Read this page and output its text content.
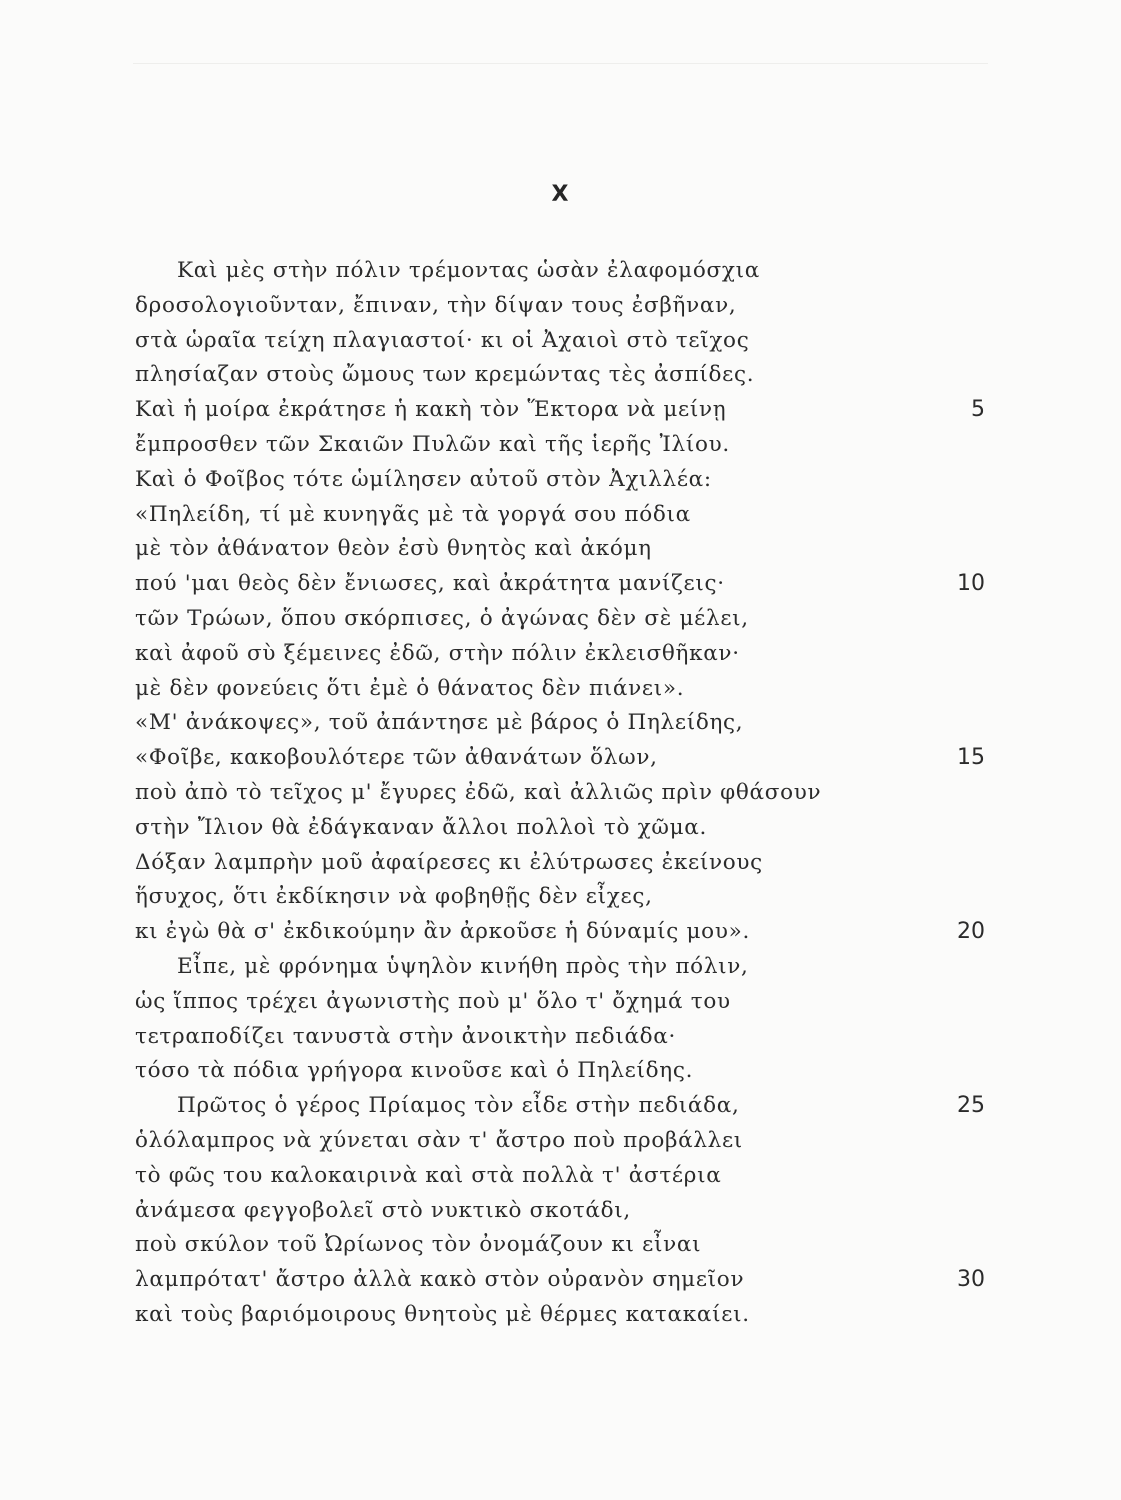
Χ
Καὶ μὲς στὴν πόλιν τρέμοντας ὡσὰν ἐλαφομόσχια
δροσολογιοῦνταν, ἔπιναν, τὴν δίψαν τους ἐσβῆναν,
στὰ ὡραῖα τείχη πλαγιαστοί· κι οἱ Ἀχαιοὶ στὸ τεῖχος
πλησίαζαν στοὺς ὤμους των κρεμώντας τὲς ἀσπίδες.
Καὶ ἡ μοίρα ἐκράτησε ἡ κακὴ τὸν Ἕκτορα νὰ μείνῃ	5
ἔμπροσθεν τῶν Σκαιῶν Πυλῶν καὶ τῆς ἱερῆς Ἰλίου.
Καὶ ὁ Φοῖβος τότε ὡμίλησεν αὐτοῦ στὸν Ἀχιλλέα:
«Πηλείδη, τί μὲ κυνηγᾶς μὲ τὰ γοργά σου πόδια
μὲ τὸν ἀθάνατον θεὸν ἐσὺ θνητὸς καὶ ἀκόμη
πού 'μαι θεὸς δὲν ἔνιωσες, καὶ ἀκράτητα μανίζεις·	10
τῶν Τρώων, ὅπου σκόρπισες, ὁ ἀγώνας δὲν σὲ μέλει,
καὶ ἀφοῦ σὺ ξέμεινες ἐδῶ, στὴν πόλιν ἐκλεισθῆκαν·
μὲ δὲν φονεύεις ὅτι ἐμὲ ὁ θάνατος δὲν πιάνει».
«Μ' ἀνάκοψες», τοῦ ἀπάντησε μὲ βάρος ὁ Πηλείδης,
«Φοῖβε, κακοβουλότερε τῶν ἀθανάτων ὅλων,	15
ποὺ ἀπὸ τὸ τεῖχος μ' ἔγυρες ἐδῶ, καὶ ἀλλιῶς πρὶν φθάσουν
στὴν Ἴλιον θὰ ἐδάγκαναν ἄλλοι πολλοὶ τὸ χῶμα.
Δόξαν λαμπρὴν μοῦ ἀφαίρεσες κι ἐλύτρωσες ἐκείνους
ἥσυχος, ὅτι ἐκδίκησιν νὰ φοβηθῇς δὲν εἶχες,
κι ἐγὼ θὰ σ' ἐκδικούμην ἂν ἀρκοῦσε ἡ δύναμίς μου».	20
Εἶπε, μὲ φρόνημα ὑψηλὸν κινήθη πρὸς τὴν πόλιν,
ὡς ἵππος τρέχει ἀγωνιστὴς ποὺ μ' ὅλο τ' ὄχημά του
τετραποδίζει τανυστὰ στὴν ἀνοικτὴν πεδιάδα·
τόσο τὰ πόδια γρήγορα κινοῦσε καὶ ὁ Πηλείδης.
Πρῶτος ὁ γέρος Πρίαμος τὸν εἶδε στὴν πεδιάδα,	25
ὁλόλαμπρος νὰ χύνεται σὰν τ' ἄστρο ποὺ προβάλλει
τὸ φῶς του καλοκαιρινὰ καὶ στὰ πολλὰ τ' ἀστέρια
ἀνάμεσα φεγγοβολεῖ στὸ νυκτικὸ σκοτάδι,
ποὺ σκύλον τοῦ Ὠρίωνος τὸν ὀνομάζουν κι εἶναι
λαμπρότατ' ἄστρο ἀλλὰ κακὸ στὸν οὐρανὸν σημεῖον	30
καὶ τοὺς βαριόμοιρους θνητοὺς μὲ θέρμες κατακαίει.
